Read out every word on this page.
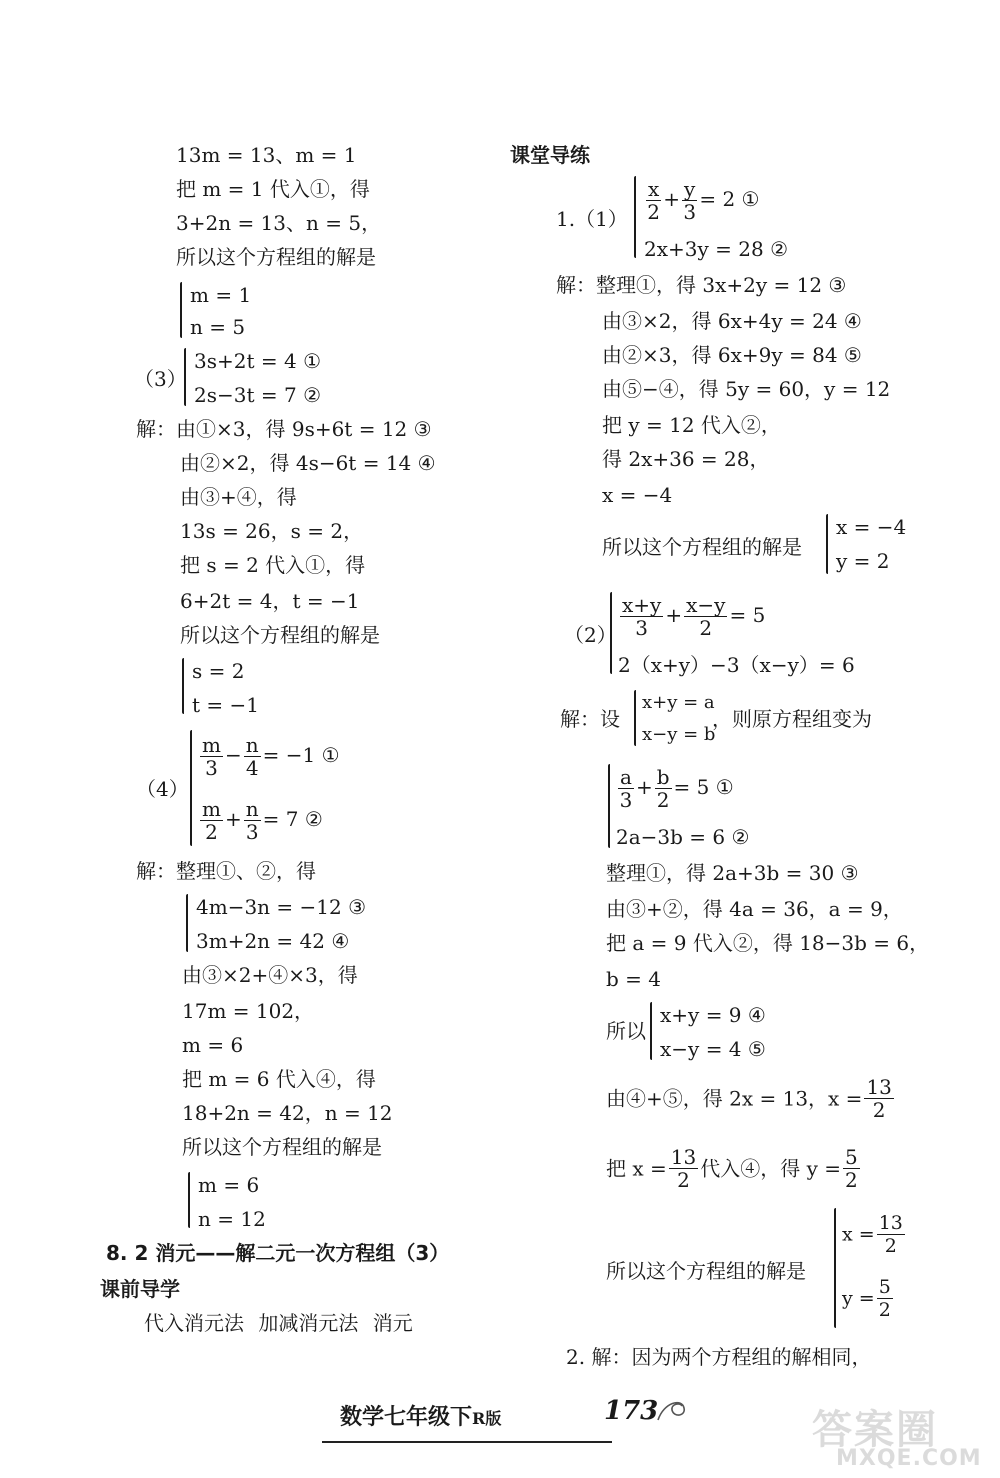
13m = 13、m = 1
把 m = 1 代入①，得
3+2n = 13、n = 5，
所以这个方程组的解是
m = 1
n = 5
（3）
3s+2t = 4 ①
2s−3t = 7 ②
解：由①×3，得 9s+6t = 12 ③
由②×2，得 4s−6t = 14 ④
由③+④，得
13s = 26，s = 2，
把 s = 2 代入①，得
6+2t = 4，t = −1
所以这个方程组的解是
s = 2
t = −1
（4）
$\frac{m}{3} - \frac{n}{4} = -1$ ①
$\frac{m}{2} + \frac{n}{3} = 7$ ②
解：整理①、②，得
4m−3n = −12 ③
3m+2n = 42 ④
由③×2+④×3，得
17m = 102，
m = 6
把 m = 6 代入④，得
18+2n = 42，n = 12
所以这个方程组的解是
m = 6
n = 12
8. 2 消元——解二元一次方程组（3）
课前导学
代入消元法 加减消元法 消元
课堂导练
$1.(1) \frac{x}{2} + \frac{y}{3} = 2$ ①
2x+3y = 28 ②
解：整理①，得 3x+2y = 12 ③
由③×2，得 6x+4y = 24 ④
由②×3，得 6x+9y = 84 ⑤
由⑤−④，得 5y = 60，y = 12
把 y = 12 代入②，
得 2x+36 = 28，
x = −4
所以这个方程组的解是
x = −4
y = 2
$(2) \frac{x+y}{3} + \frac{x-y}{2} = 5$
2（x+y）−3（x−y）= 6
解：设
x+y = a
x−y = b
，则原方程组变为
$\frac{a}{3} + \frac{b}{2} = 5$ ①
2a−3b = 6 ②
整理①，得 2a+3b = 30 ③
由③+②，得 4a = 36，a = 9，
把 a = 9 代入②，得 18−3b = 6，
b = 4
所以
x+y = 9 ④
x−y = 4 ⑤
由④+⑤，得 2x = 13，$x = \frac{13}{2}$
把 $x = \frac{13}{2}$ 代入④，得 $y = \frac{5}{2}$
所以这个方程组的解是
$x = \frac{13}{2}$
$y = \frac{5}{2}$
2. 解：因为两个方程组的解相同，
数学七年级下R版	173	答案圈
MXQE.COM
